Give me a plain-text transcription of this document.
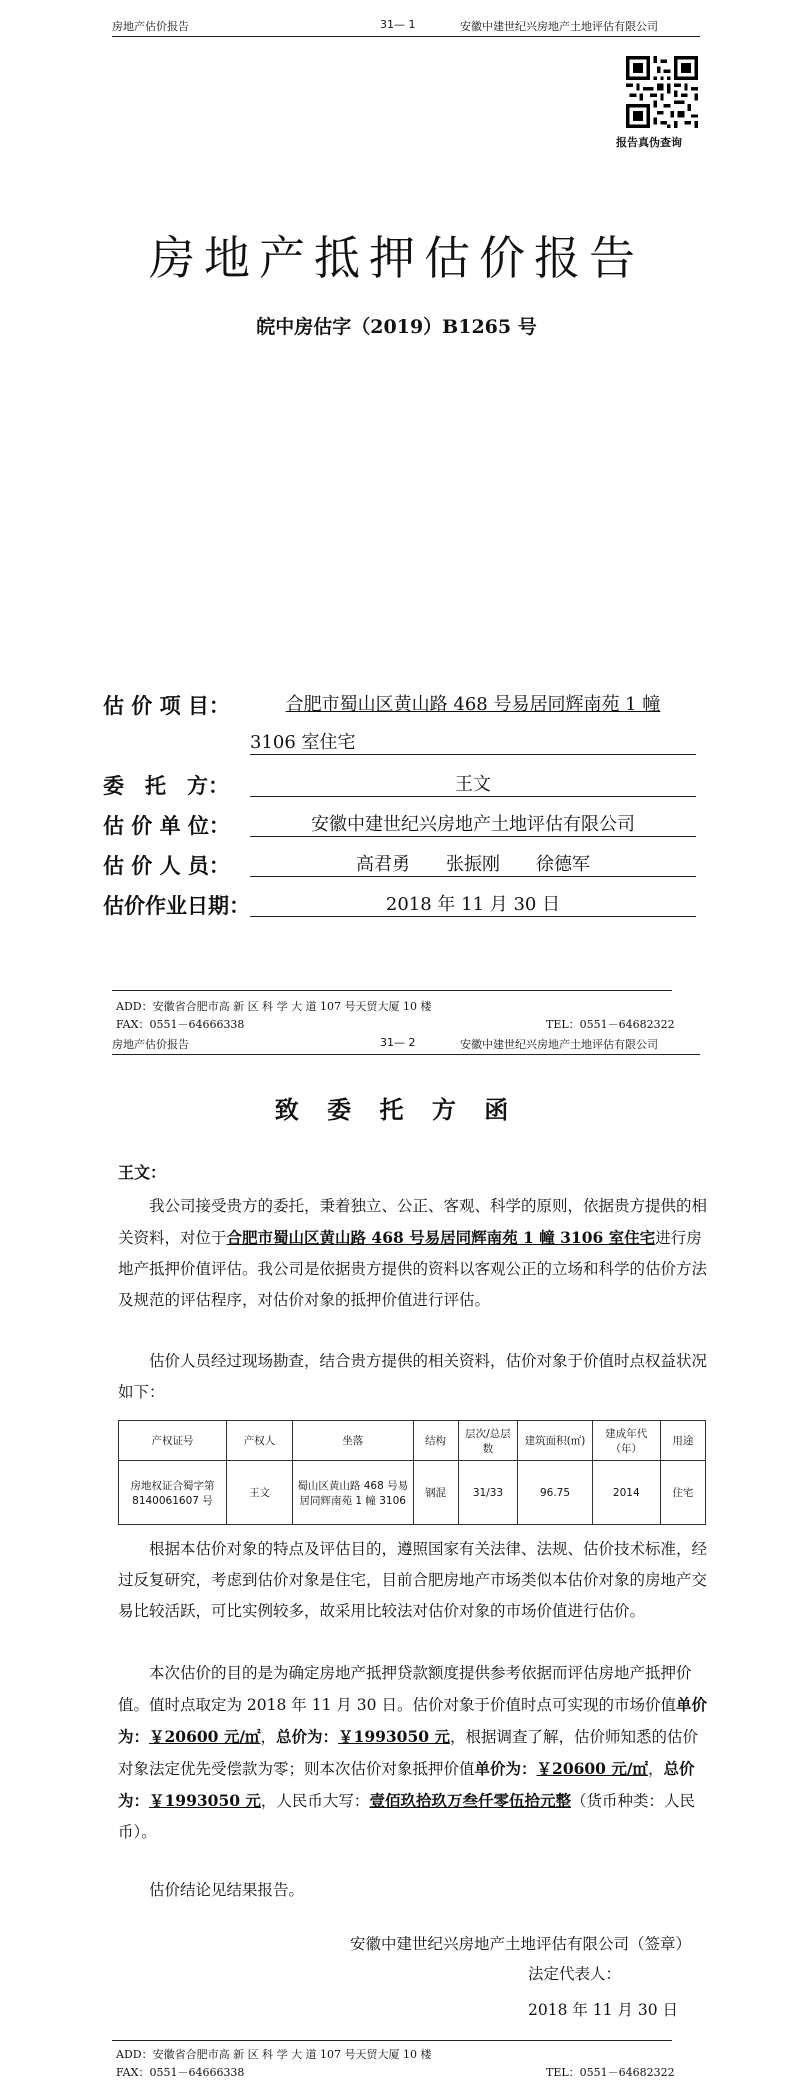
房地产估价报告	31— 1	安徽中建世纪兴房地产土地评估有限公司
报告真伪查询
房地产抵押估价报告
皖中房估字（2019）B1265 号
估 价 项 目：	合肥市蜀山区黄山路 468 号易居同辉南苑 1 幢
3106 室住宅
委　托　方：	王文
估 价 单 位：	安徽中建世纪兴房地产土地评估有限公司
估 价 人 员：	高君勇　　张振刚　　徐德军
估价作业日期：	2018 年 11 月 30 日
ADD：安徽省合肥市高 新 区 科 学 大 道 107 号天贸大厦 10 楼
FAX：0551－64666338	TEL：0551－64682322
房地产估价报告	31— 2	安徽中建世纪兴房地产土地评估有限公司
致 委 托 方 函
王文：
我公司接受贵方的委托，秉着独立、公正、客观、科学的原则，依据贵方提供的相关资料，对位于合肥市蜀山区黄山路 468 号易居同辉南苑 1 幢 3106 室住宅进行房地产抵押价值评估。我公司是依据贵方提供的资料以客观公正的立场和科学的估价方法及规范的评估程序，对估价对象的抵押价值进行评估。
估价人员经过现场勘查，结合贵方提供的相关资料，估价对象于价值时点权益状况如下：
产权证号	产权人	坐落	结构	层次/总层数	建筑面积(㎡)	建成年代（年）	用途
房地权证合蜀字第8140061607 号	王文	蜀山区黄山路 468 号易居同辉南苑 1 幢 3106	钢混	31/33	96.75	2014	住宅
根据本估价对象的特点及评估目的，遵照国家有关法律、法规、估价技术标准，经过反复研究，考虑到估价对象是住宅，目前合肥房地产市场类似本估价对象的房地产交易比较活跃，可比实例较多，故采用比较法对估价对象的市场价值进行估价。
本次估价的目的是为确定房地产抵押贷款额度提供参考依据而评估房地产抵押价值。值时点取定为 2018 年 11 月 30 日。估价对象于价值时点可实现的市场价值单价为：￥20600 元/㎡，总价为：￥1993050 元，根据调查了解，估价师知悉的估价对象法定优先受偿款为零；则本次估价对象抵押价值单价为：￥20600 元/㎡，总价为：￥1993050 元，人民币大写：壹佰玖拾玖万叁仟零伍拾元整（货币种类：人民币）。
估价结论见结果报告。
安徽中建世纪兴房地产土地评估有限公司（签章）
法定代表人：
2018 年 11 月 30 日
ADD：安徽省合肥市高 新 区 科 学 大 道 107 号天贸大厦 10 楼
FAX：0551－64666338	TEL：0551－64682322
